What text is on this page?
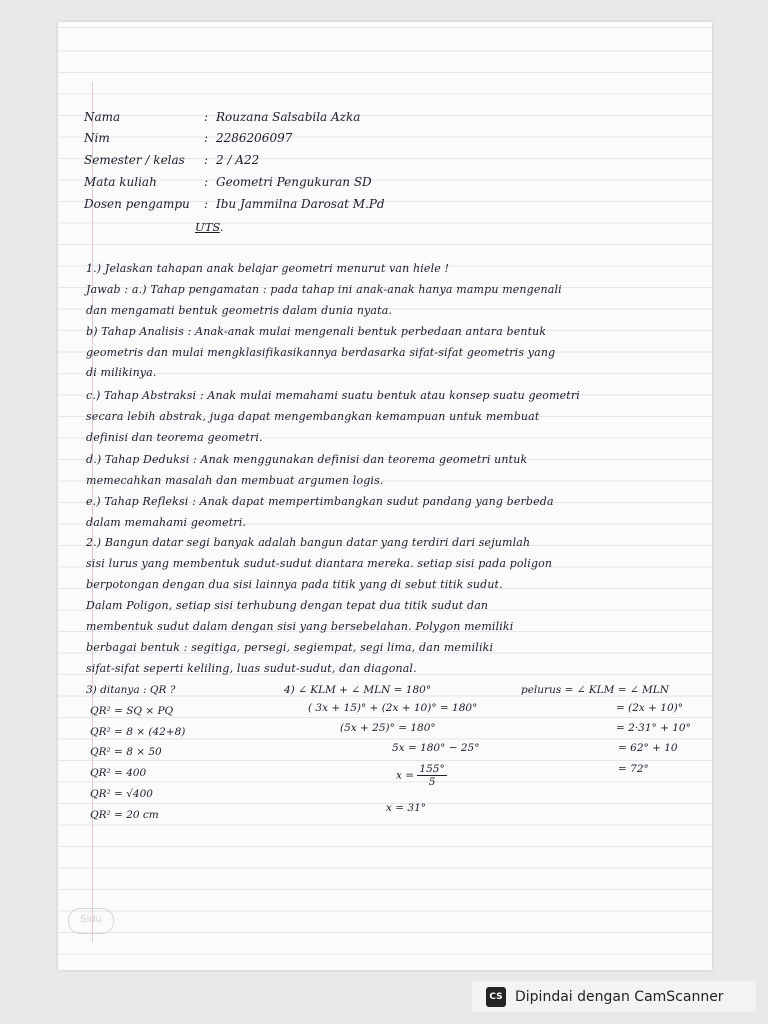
Nama	: Rouzana Salsabila Azka
Nim	: 2286206097
Semester / kelas : 2 / A22
Mata kuliah	: Geometri Pengukuran SD
Dosen pengampu : Ibu Jammilna Darosat M.Pd
UTS.
1.) Jelaskan tahapan anak belajar geometri menurut van hiele !
Jawab : a.) Tahap pengamatan : pada tahap ini anak-anak hanya mampu mengenali
dan mengamati bentuk geometris dalam dunia nyata.
b) Tahap Analisis : Anak-anak mulai mengenali bentuk perbedaan antara bentuk
geometris dan mulai mengklasifikasikannya berdasarka sifat-sifat geometris yang
di milikinya.
c.) Tahap Abstraksi : Anak mulai memahami suatu bentuk atau konsep suatu geometri
secara lebih abstrak, juga dapat mengembangkan kemampuan untuk membuat
definisi dan teorema geometri.
d.) Tahap Deduksi : Anak menggunakan definisi dan teorema geometri untuk
memecahkan masalah dan membuat argumen logis.
e.) Tahap Refleksi : Anak dapat mempertimbangkan sudut pandang yang berbeda
dalam memahami geometri.
2.) Bangun datar segi banyak adalah bangun datar yang terdiri dari sejumlah
sisi lurus yang membentuk sudut-sudut diantara mereka. setiap sisi pada poligon
berpotongan dengan dua sisi lainnya pada titik yang di sebut titik sudut.
Dalam Poligon, setiap sisi terhubung dengan tepat dua titik sudut dan
membentuk sudut dalam dengan sisi yang bersebelahan. Polygon memiliki
berbagai bentuk : segitiga, persegi, segiempat, segi lima, dan memiliki
sifat-sifat seperti keliling, luas sudut-sudut, dan diagonal.
3) ditanya : QR ?
QR² = SQ × PQ
QR² = 8 × (42+8)
QR² = 8 × 50
QR² = 400
QR² = √400
QR² = 20 cm
4) ∠ KLM + ∠ MLN = 180°
( 3x + 15)° + (2x + 10)° = 180°
(5x + 25)° = 180°
5x = 180° − 25°
$x = \frac{155^\circ}{5}$
x = 31°
pelurus = ∠ KLM = ∠ MLN
= (2x + 10)°
= 2·31° + 10°
= 62° + 10
= 72°
Sidu
CS Dipindai dengan CamScanner
